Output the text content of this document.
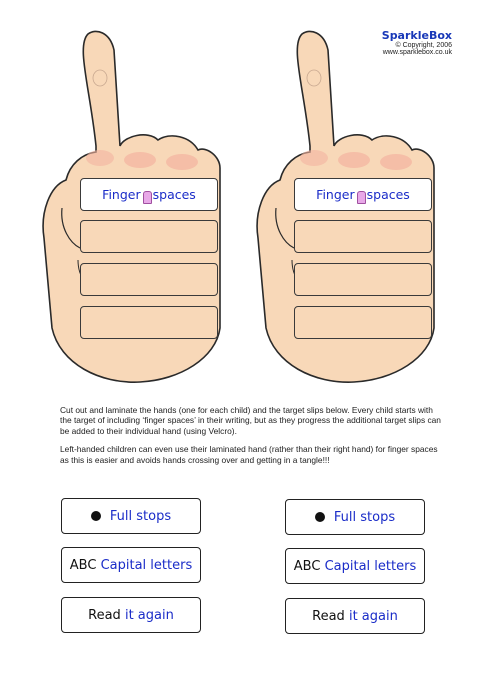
SparkleBox
© Copyright, 2006
www.sparklebox.co.uk
Finger spaces	Finger spaces

Cut out and laminate the hands (one for each child) and the target slips below. Every child starts with the target of including ‘finger spaces’ in their writing, but as they progress the additional target slips can be added to their individual hand (using Velcro).

Left-handed children can even use their laminated hand (rather than their right hand) for finger spaces as this is easier and avoids hands crossing over and getting in a tangle!!!

Full stops
ABC
Capital letters
Read
it again
Full stops
ABC
Capital letters
Read
it again
